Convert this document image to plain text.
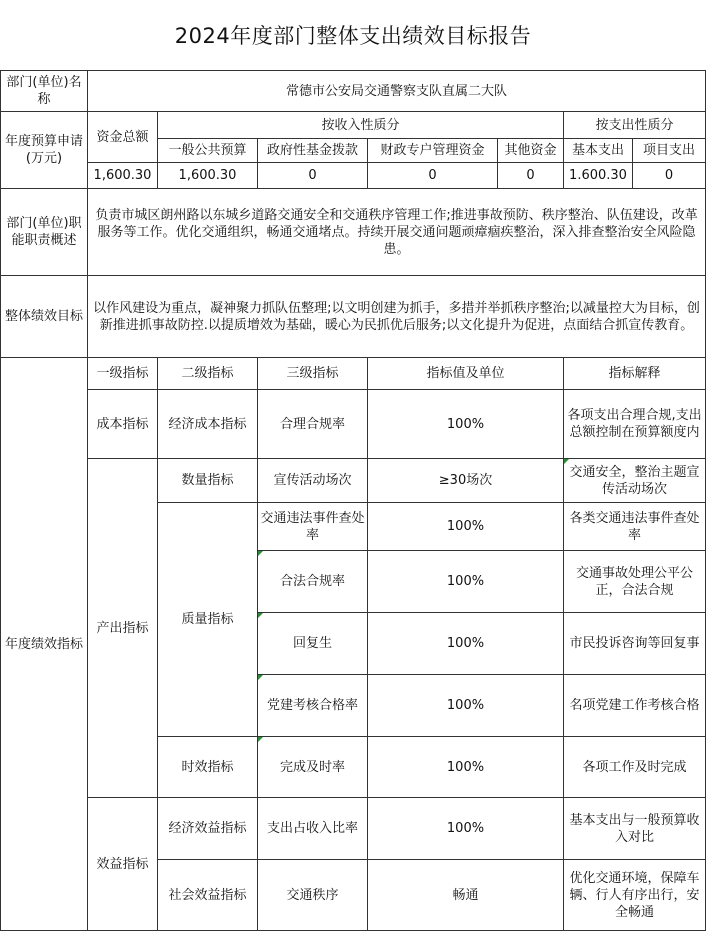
2024年度部门整体支出绩效目标报告
部门(单位)名称	常德市公安局交通警察支队直属二大队						
年度预算申请(万元)	资金总额	按收入性质分				按支出性质分	
		一般公共预算	政府性基金拨款	财政专户管理资金	其他资金	基本支出	项目支出
	1,600.30	1,600.30	0	0	0	1.600.30	0
部门(单位)职能职责概述	负责市城区朗州路以东城乡道路交通安全和交通秩序管理工作;推进事故预防、秩序整治、队伍建设，改革服务等工作。优化交通组织，畅通交通堵点。持续开展交通问题顽瘴痼疾整治，深入排查整治安全风险隐患。						
整体绩效目标	以作风建设为重点，凝神聚力抓队伍整理;以文明创建为抓手，多措并举抓秩序整治;以减量控大为目标，创新推进抓事故防控.以提质增效为基础，暖心为民抓优后服务;以文化提升为促进，点面结合抓宣传教育。						
年度绩效指标	一级指标	二级指标	三级指标	指标值及单位		指标解释	
	成本指标	经济成本指标	合理合规率	100%		各项支出合理合规,支出总额控制在预算额度内	
	产出指标	数量指标	宣传活动场次	≥30场次		交通安全，整治主题宣传活动场次	
		质量指标	交通违法事件查处率	100%		各类交通违法事件查处率	
			合法合规率	100%		交通事故处理公平公正，合法合规	
			回复生	100%		市民投诉咨询等回复事	
			党建考核合格率	100%		名项党建工作考核合格	
		时效指标	完成及时率	100%		各项工作及时完成	
	效益指标	经济效益指标	支出占收入比率	100%		基本支出与一般预算收入对比	
		社会效益指标	交通秩序	畅通		优化交通环境，保障车辆、行人有序出行，安全畅通	
